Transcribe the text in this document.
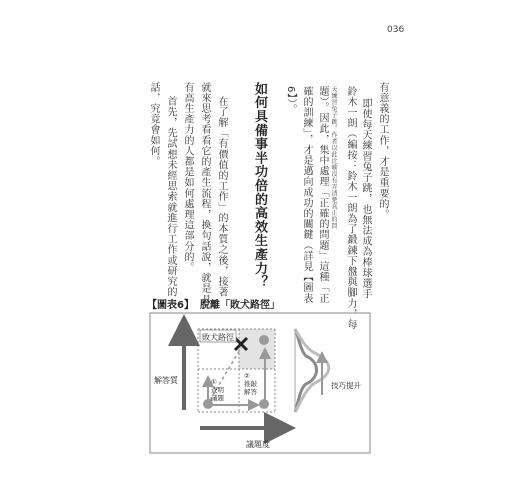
036
有意義的工作，才是重要的。
即使每天練習兔子跳，也無法成為棒球選手
鈴木一朗（編按：鈴木一朗為了鍛鍊下盤與腳力，每
天練習兔子跳。作者以此比喻沒有弄清楚真正的問
題）。因此，集中處理「正確的問題」這種「正
確的訓練」，才是邁向成功的關鍵（詳見【圖表
6】）。
如何具備事半功倍的高效生產力？
在了解「有價值的工作」的本質之後，接著
就來思考看看它的產生流程，換句話說，就是具
有高生產力的人都是如何處理這部分的。
首先，先試想未經思索就進行工作或研究的
話，究竟會如何。
【圖表6】 脫離「敗犬路徑」
敗犬路徑
解答質
議題度
技巧提升
①
查明
議題
②
推敲
解答
